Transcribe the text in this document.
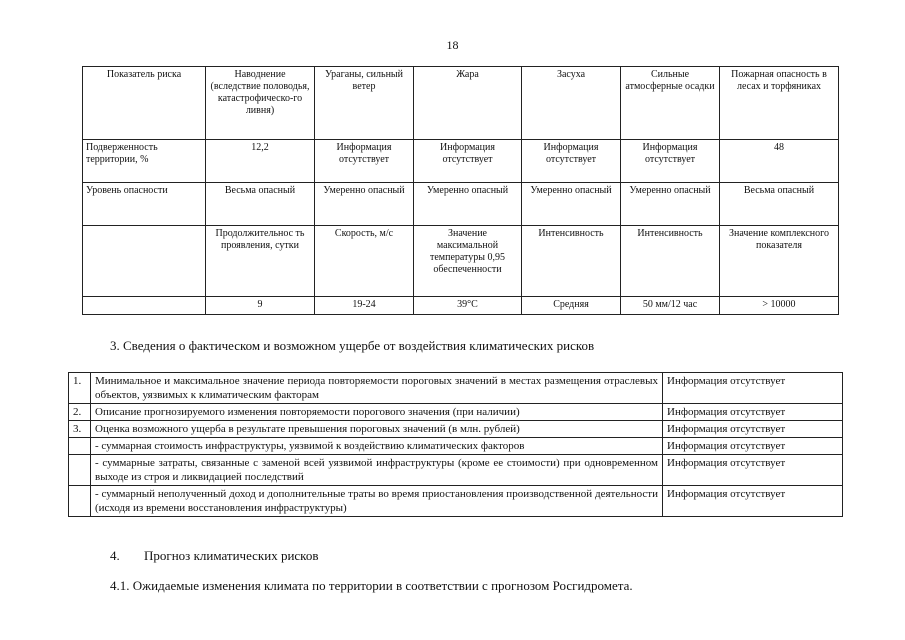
18
Показатель риска	Наводнение (вследствие половодья, катастрофическо-го ливня)	Ураганы, сильный ветер	Жара	Засуха	Сильные атмосферные осадки	Пожарная опасность в лесах и торфяниках
Подверженность территории, %	12,2	Информация отсутствует	Информация отсутствует	Информация отсутствует	Информация отсутствует	48
Уровень опасности	Весьма опасный	Умеренно опасный	Умеренно опасный	Умеренно опасный	Умеренно опасный	Весьма опасный
	Продолжительнос ть проявления, сутки	Скорость, м/с	Значение максимальной температуры 0,95 обеспеченности	Интенсивность	Интенсивность	Значение комплексного показателя
	9	19-24	39°С	Средняя	50 мм/12 час	> 10000
3. Сведения о фактическом и возможном ущербе от воздействия климатических рисков
1.	Минимальное и максимальное значение периода повторяемости пороговых значений в местах размещения отраслевых объектов, уязвимых к климатическим факторам	Информация отсутствует
2.	Описание прогнозируемого изменения повторяемости порогового значения (при наличии)	Информация отсутствует
3.	Оценка возможного ущерба в результате превышения пороговых значений (в млн. рублей)	Информация отсутствует
	- суммарная стоимость инфраструктуры, уязвимой к воздействию климатических факторов	Информация отсутствует
	- суммарные затраты, связанные с заменой всей уязвимой инфраструктуры (кроме ее стоимости) при одновременном выходе из строя и ликвидацией последствий	Информация отсутствует
	- суммарный неполученный доход и дополнительные траты во время приостановления производственной деятельности (исходя из времени восстановления инфраструктуры)	Информация отсутствует
4. Прогноз климатических рисков
4.1. Ожидаемые изменения климата по территории в соответствии с прогнозом Росгидромета.
